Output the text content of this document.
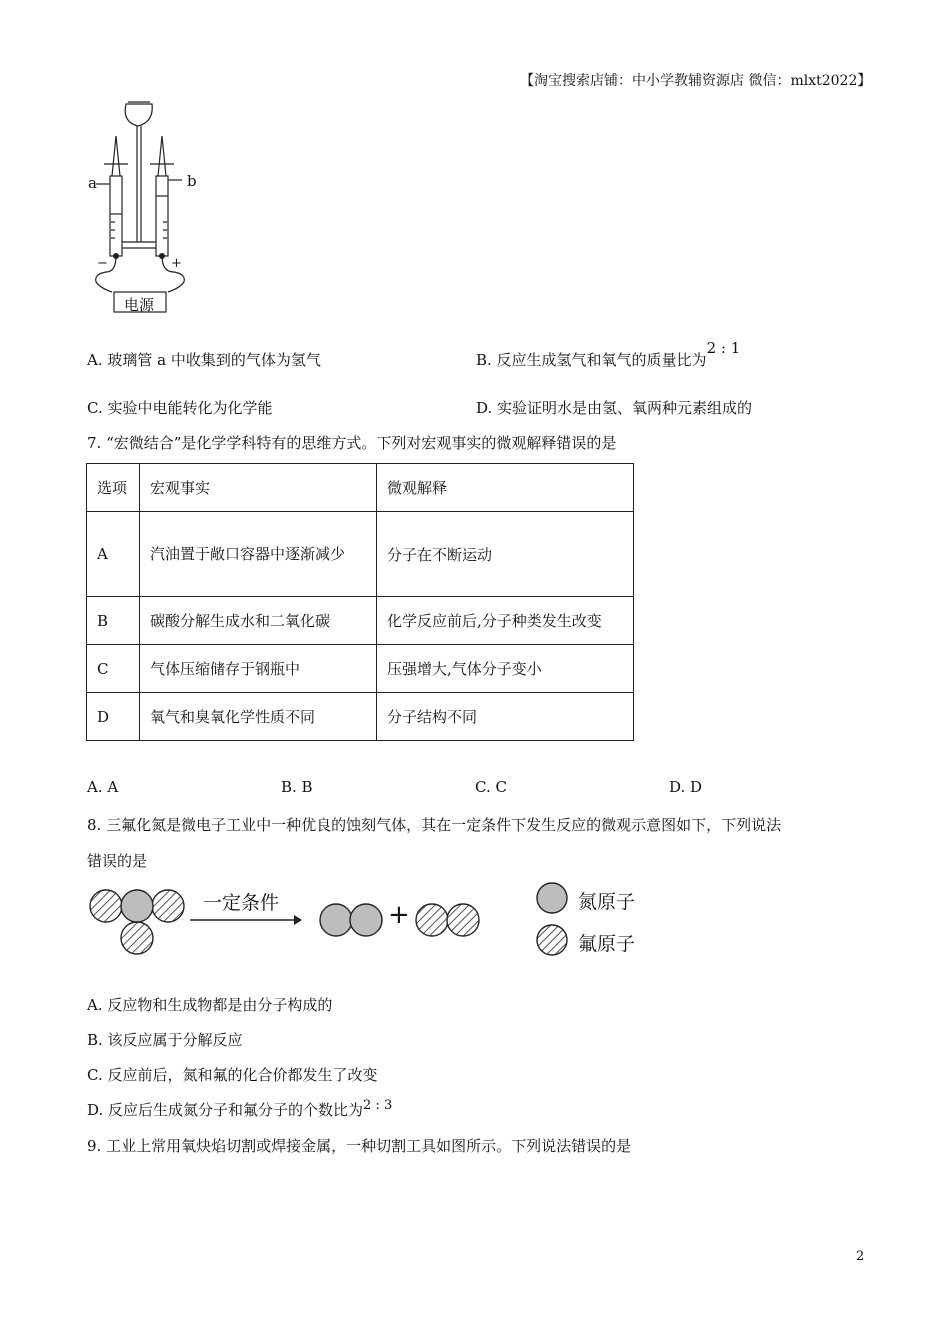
【淘宝搜索店铺：中小学教辅资源店 微信：mlxt2022】
a	b
−	+
电源
A. 玻璃管 a 中收集到的气体为氢气	B. 反应生成氢气和氧气的质量比为2 : 1
C. 实验中电能转化为化学能	D. 实验证明水是由氢、氧两种元素组成的
7. “宏微结合”是化学学科特有的思维方式。下列对宏观事实的微观解释错误的是
选项	宏观事实	微观解释
A	汽油置于敞口容器中逐渐减少	分子在不断运动
B	碳酸分解生成水和二氧化碳	化学反应前后,分子种类发生改变
C	气体压缩储存于钢瓶中	压强增大,气体分子变小
D	氧气和臭氧化学性质不同	分子结构不同
A. A	B. B	C. C	D. D
8. 三氟化氮是微电子工业中一种优良的蚀刻气体，其在一定条件下发生反应的微观示意图如下，下列说法
错误的是
一定条件	+	氮原子
氟原子
A. 反应物和生成物都是由分子构成的
B. 该反应属于分解反应
C. 反应前后，氮和氟的化合价都发生了改变
D. 反应后生成氮分子和氟分子的个数比为2 : 3
9. 工业上常用氧炔焰切割或焊接金属，一种切割工具如图所示。下列说法错误的是
2
